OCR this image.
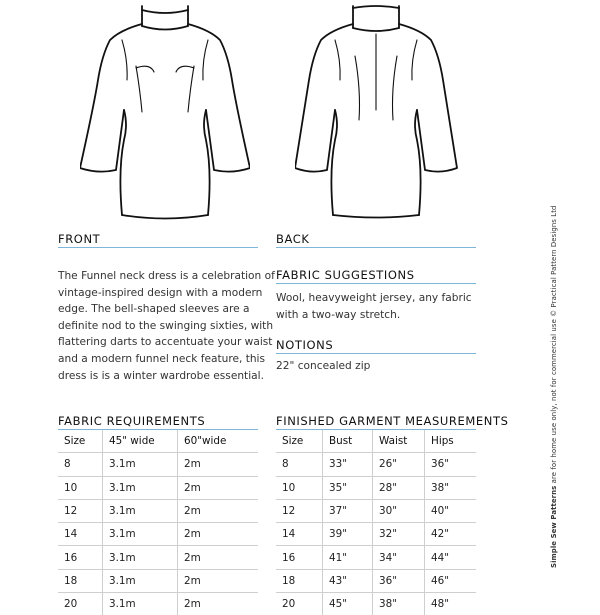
FRONT	BACK

The Funnel neck dress is a celebration of

vintage-inspired design with a modern

edge. The bell-shaped sleeves are a

definite nod to the swinging sixties, with

flattering darts to accentuate your waist

and a modern funnel neck feature, this

dress is is a winter wardrobe essential.

FABRIC SUGGESTIONS

Wool, heavyweight jersey, any fabric

with a two-way stretch.

NOTIONS
22" concealed zip
FABRIC REQUIREMENTS
Size	45" wide	60"wide
8	3.1m	2m
10	3.1m	2m
12	3.1m	2m
14	3.1m	2m
16	3.1m	2m
18	3.1m	2m
20	3.1m	2m
FINISHED GARMENT MEASUREMENTS
Size	Bust	Waist	Hips
8	33"	26"	36"
10	35"	28"	38"
12	37"	30"	40"
14	39"	32"	42"
16	41"	34"	44"
18	43"	36"	46"
20	45"	38"	48"
Simple Sew Patterns are for home use only, not for commercial use © Practical Pattern Designs Ltd
